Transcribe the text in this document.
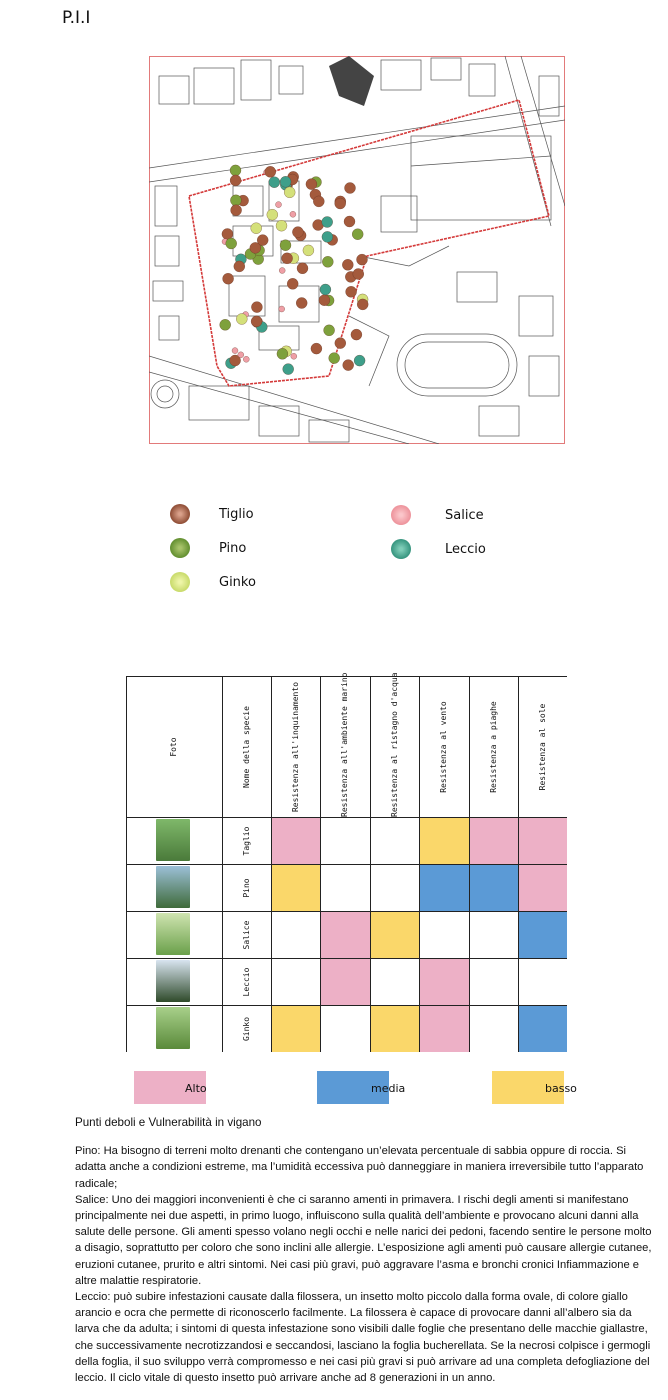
P.I.I
Tiglio
Pino
Ginko
Salice
Leccio
Foto	Nome della specie	Resistenza all'inquinamento	Resistenza all'ambiente marino	Resistenza al ristagno d'acqua	Resistenza al vento	Resistenza a piaghe	Resistenza al sole
Taglio
Pino
Salice
Leccio
Ginko
Alto	media	basso
Punti deboli e Vulnerabilità in vigano

Pino: Ha bisogno di terreni molto drenanti che contengano un’elevata percentuale di sabbia oppure di roccia. Si adatta anche a condizioni estreme, ma l’umidità eccessiva può danneggiare in maniera irreversibile tutto l’apparato radicale;

Salice: Uno dei maggiori inconvenienti è che ci saranno amenti in primavera. I rischi degli amenti si manifestano principalmente nei due aspetti, in primo luogo, influiscono sulla qualità dell’ambiente e provocano alcuni danni alla salute delle persone. Gli amenti spesso volano negli occhi e nelle narici dei pedoni, facendo sentire le persone molto a disagio, soprattutto per coloro che sono inclini alle allergie. L’esposizione agli amenti può causare allergie cutanee, eruzioni cutanee, prurito e altri sintomi. Nei casi più gravi, può aggravare l’asma e bronchi cronici Infiammazione e altre malattie respiratorie.

Leccio: può subire infestazioni causate dalla filossera, un insetto molto piccolo dalla forma ovale, di colore giallo arancio e ocra che permette di riconoscerlo facilmente. La filossera è capace di provocare danni all’albero sia da larva che da adulta; i sintomi di questa infestazione sono visibili dalle foglie che presentano delle macchie giallastre, che successivamente necrotizzandosi e seccandosi, lasciano la foglia bucherellata. Se la necrosi colpisce i germogli della foglia, il suo sviluppo verrà compromesso e nei casi più gravi si può arrivare ad una completa defogliazione del leccio. Il ciclo vitale di questo insetto può arrivare anche ad 8 generazioni in un anno.
